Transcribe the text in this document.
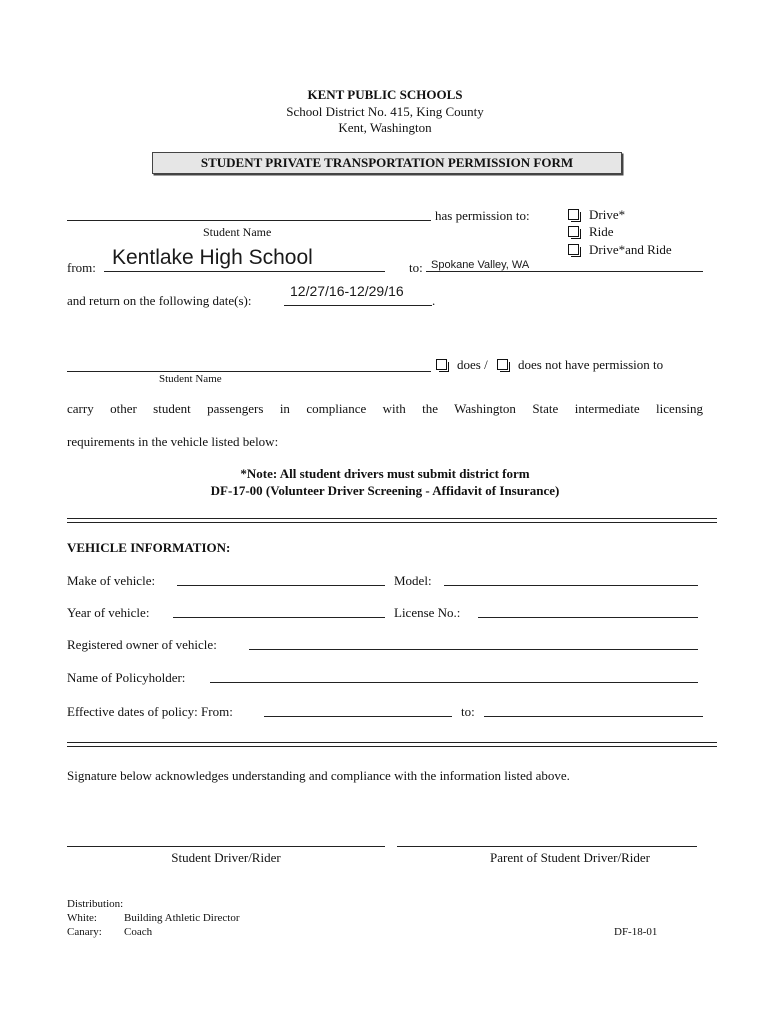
KENT PUBLIC SCHOOLS
School District No. 415, King County
Kent, Washington
STUDENT PRIVATE TRANSPORTATION PERMISSION FORM
has permission to:
Student Name
Drive*
Ride
Drive*and Ride
from: Kentlake High School	to: Spokane Valley, WA
and return on the following date(s):
12/27/16-12/29/16
.
does /	does not have permission to
Student Name
carry other student passengers in compliance with the Washington State intermediate licensing
requirements in the vehicle listed below:
*Note: All student drivers must submit district form
DF-17-00 (Volunteer Driver Screening - Affidavit of Insurance)
VEHICLE INFORMATION:
Make of vehicle:	Model:
Year of vehicle:	License No.:
Registered owner of vehicle:
Name of Policyholder:
Effective dates of policy: From:	to:
Signature below acknowledges understanding and compliance with the information listed above.
Student Driver/Rider	Parent of Student Driver/Rider
Distribution:
White: Building Athletic Director
Canary: Coach	DF-18-01
